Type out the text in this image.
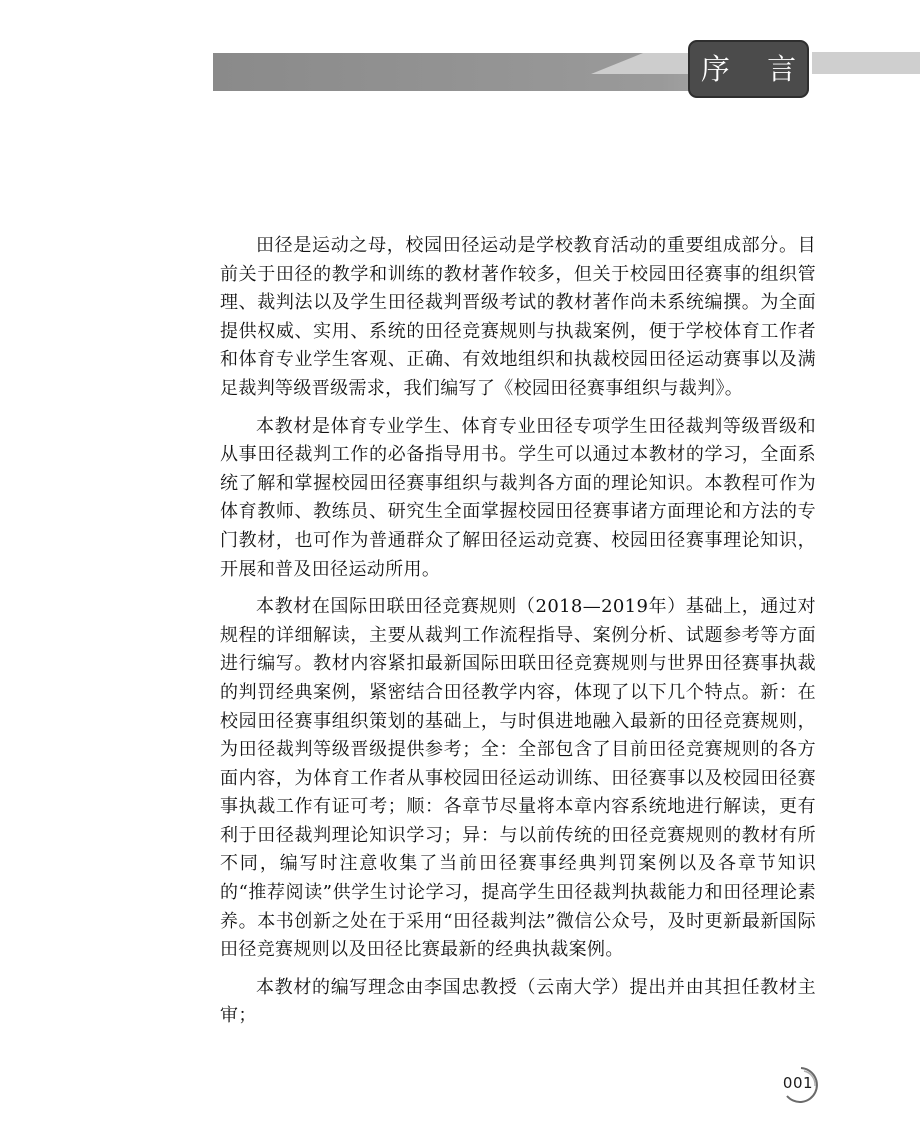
序 言

田径是运动之母，校园田径运动是学校教育活动的重要组成部分。目前关于田径的教学和训练的教材著作较多，但关于校园田径赛事的组织管理、裁判法以及学生田径裁判晋级考试的教材著作尚未系统编撰。为全面提供权威、实用、系统的田径竞赛规则与执裁案例，便于学校体育工作者和体育专业学生客观、正确、有效地组织和执裁校园田径运动赛事以及满足裁判等级晋级需求，我们编写了《校园田径赛事组织与裁判》。

本教材是体育专业学生、体育专业田径专项学生田径裁判等级晋级和从事田径裁判工作的必备指导用书。学生可以通过本教材的学习，全面系统了解和掌握校园田径赛事组织与裁判各方面的理论知识。本教程可作为体育教师、教练员、研究生全面掌握校园田径赛事诸方面理论和方法的专门教材，也可作为普通群众了解田径运动竞赛、校园田径赛事理论知识，开展和普及田径运动所用。

本教材在国际田联田径竞赛规则（2018—2019年）基础上，通过对规程的详细解读，主要从裁判工作流程指导、案例分析、试题参考等方面进行编写。教材内容紧扣最新国际田联田径竞赛规则与世界田径赛事执裁的判罚经典案例，紧密结合田径教学内容，体现了以下几个特点。新：在校园田径赛事组织策划的基础上，与时俱进地融入最新的田径竞赛规则，为田径裁判等级晋级提供参考；全：全部包含了目前田径竞赛规则的各方面内容，为体育工作者从事校园田径运动训练、田径赛事以及校园田径赛事执裁工作有证可考；顺：各章节尽量将本章内容系统地进行解读，更有利于田径裁判理论知识学习；异：与以前传统的田径竞赛规则的教材有所不同，编写时注意收集了当前田径赛事经典判罚案例以及各章节知识的“推荐阅读”供学生讨论学习，提高学生田径裁判执裁能力和田径理论素养。本书创新之处在于采用“田径裁判法”微信公众号，及时更新最新国际田径竞赛规则以及田径比赛最新的经典执裁案例。

本教材的编写理念由李国忠教授（云南大学）提出并由其担任教材主审；

001
